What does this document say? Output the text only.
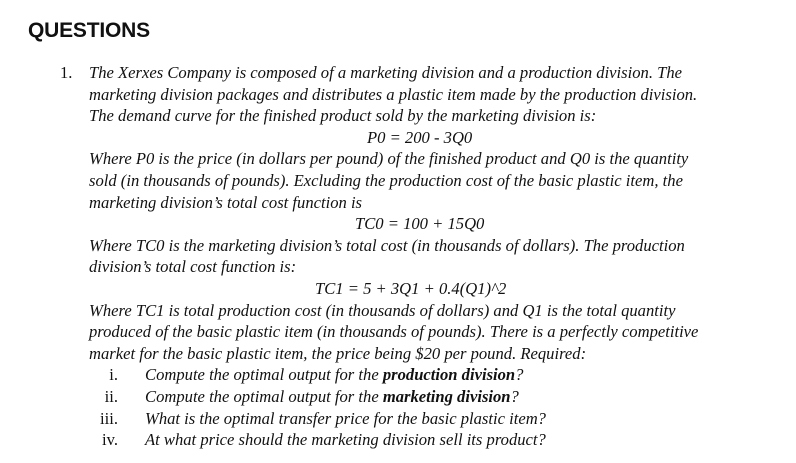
QUESTIONS
1. The Xerxes Company is composed of a marketing division and a production division. The
marketing division packages and distributes a plastic item made by the production division.
The demand curve for the finished product sold by the marketing division is:
P0 = 200 - 3Q0
Where P0 is the price (in dollars per pound) of the finished product and Q0 is the quantity
sold (in thousands of pounds). Excluding the production cost of the basic plastic item, the
marketing division’s total cost function is
TC0 = 100 + 15Q0
Where TC0 is the marketing division’s total cost (in thousands of dollars). The production
division’s total cost function is:
TC1 = 5 + 3Q1 + 0.4(Q1)^2
Where TC1 is total production cost (in thousands of dollars) and Q1 is the total quantity
produced of the basic plastic item (in thousands of pounds). There is a perfectly competitive
market for the basic plastic item, the price being $20 per pound. Required:
i. Compute the optimal output for the production division?
ii. Compute the optimal output for the marketing division?
iii. What is the optimal transfer price for the basic plastic item?
iv. At what price should the marketing division sell its product?
